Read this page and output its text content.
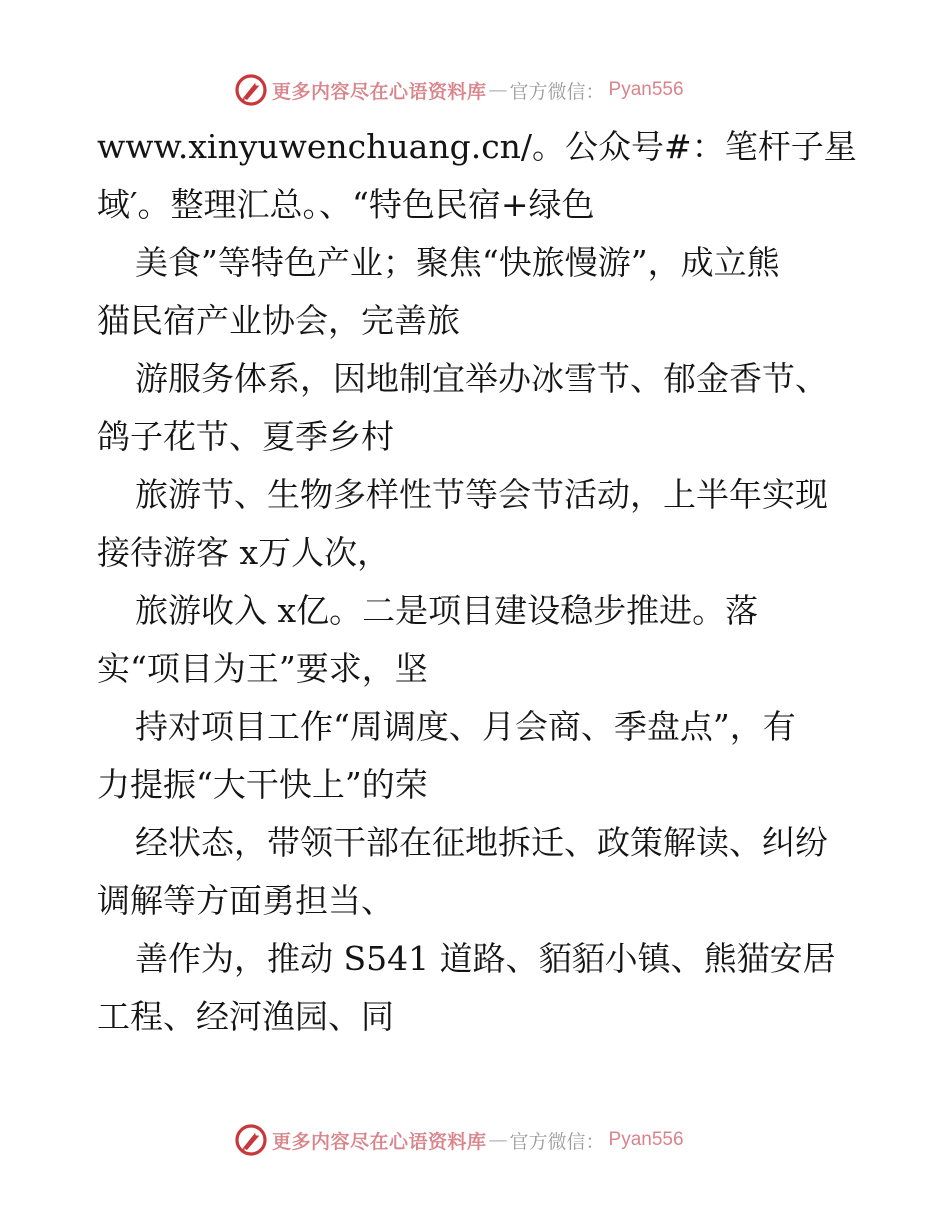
更多内容尽在心语资料库 — 官方微信： Pyan556
www.xinyuwenchuang.cn/。公众号#：笔杆子星
域′。整理汇总。、“特色民宿+绿色
美食”等特色产业；聚焦“快旅慢游”，成立熊
猫民宿产业协会，完善旅
游服务体系，因地制宜举办冰雪节、郁金香节、
鸽子花节、夏季乡村
旅游节、生物多样性节等会节活动，上半年实现
接待游客 x万人次，
旅游收入 x亿。二是项目建设稳步推进。落
实“项目为王”要求，坚
持对项目工作“周调度、月会商、季盘点”，有
力提振“大干快上”的荣
经状态，带领干部在征地拆迁、政策解读、纠纷
调解等方面勇担当、
善作为，推动 S541 道路、貊貊小镇、熊猫安居
工程、经河渔园、同
更多内容尽在心语资料库 — 官方微信： Pyan556
